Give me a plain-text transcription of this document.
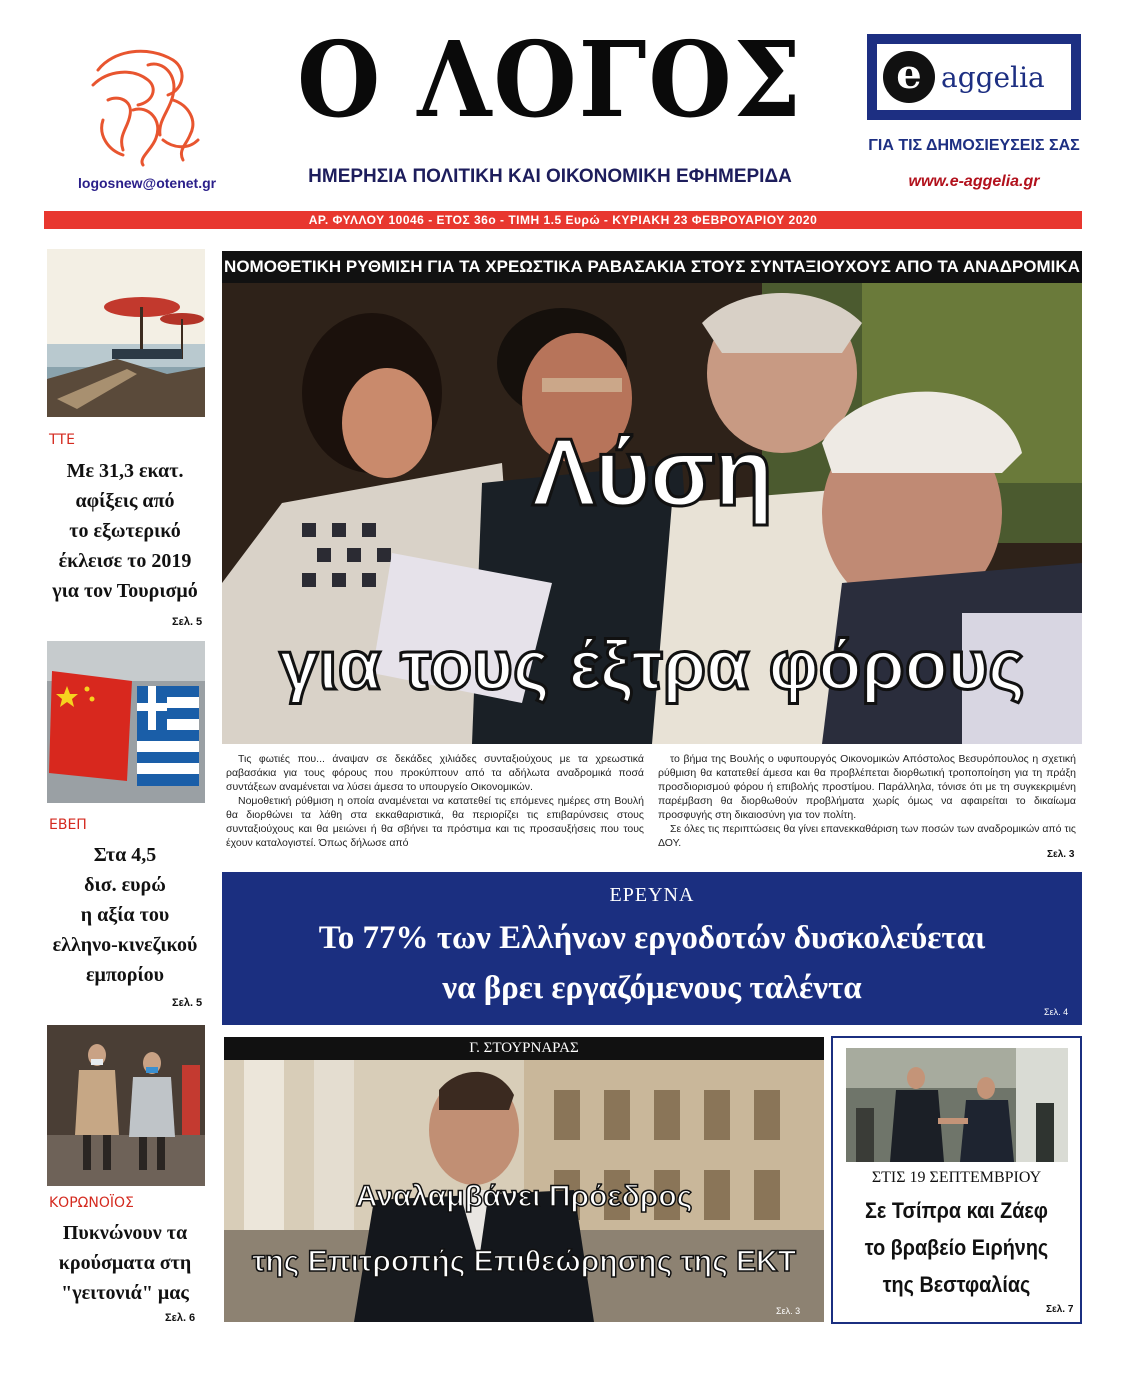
logosnew@otenet.gr
Ο ΛΟΓΟΣ
ΗΜΕΡΗΣΙΑ ΠΟΛΙΤΙΚΗ ΚΑΙ ΟΙΚΟΝΟΜΙΚΗ ΕΦΗΜΕΡΙΔΑ
e aggelia
ΓΙΑ ΤΙΣ ΔΗΜΟΣΙΕΥΣΕΙΣ ΣΑΣ
www.e-aggelia.gr
ΑΡ. ΦΥΛΛΟΥ 10046 - ΕΤΟΣ 36ο - ΤΙΜΗ 1.5 Ευρώ - ΚΥΡΙΑΚΗ 23 ΦΕΒΡΟΥΑΡΙΟΥ 2020
ΤΤΕ
Με 31,3 εκατ.
αφίξεις από
το εξωτερικό
έκλεισε το 2019
για τον Τουρισμό
Σελ. 5
ΕΒΕΠ
Στα 4,5
δισ. ευρώ
η αξία του
ελληνο-κινεζικού
εμπορίου
Σελ. 5
ΚΟΡΩΝΟΪΟΣ
Πυκνώνουν τα
κρούσματα στη
"γειτονιά" μας
Σελ. 6
ΝΟΜΟΘΕΤΙΚΗ ΡΥΘΜΙΣΗ ΓΙΑ ΤΑ ΧΡΕΩΣΤΙΚΑ ΡΑΒΑΣΑΚΙΑ ΣΤΟΥΣ ΣΥΝΤΑΞΙΟΥΧΟΥΣ ΑΠΟ ΤΑ ΑΝΑΔΡΟΜΙΚΑ
Λύση
για τους έξτρα φόρους

Τις φωτιές που... άναψαν σε δεκάδες χιλιάδες συνταξιούχους με τα χρεωστικά ραβασάκια για τους φόρους που προκύπτουν από τα αδήλωτα αναδρομικά ποσά συντάξεων αναμένεται να λύσει άμεσα το υπουργείο Οικονομικών.

Νομοθετική ρύθμιση η οποία αναμένεται να κατατεθεί τις επόμενες ημέρες στη Βουλή θα διορθώνει τα λάθη στα εκκαθαριστικά, θα περιορίζει τις επιβαρύνσεις στους συνταξιούχους και θα μειώνει ή θα σβήνει τα πρόστιμα και τις προσαυξήσεις που τους έχουν καταλογιστεί. Όπως δήλωσε από

το βήμα της Βουλής ο υφυπουργός Οικονομικών Απόστολος Βεσυρόπουλος η σχετική ρύθμιση θα κατατεθεί άμεσα και θα προβλέπεται διορθωτική τροποποίηση για τη πράξη προσδιορισμού φόρου ή επιβολής προστίμου. Παράλληλα, τόνισε ότι με τη συγκεκριμένη παρέμβαση θα διορθωθούν προβλήματα χωρίς όμως να αφαιρείται το δικαίωμα προσφυγής στη δικαιοσύνη για τον πολίτη.

Σε όλες τις περιπτώσεις θα γίνει επανεκκαθάριση των ποσών των αναδρομικών από τις ΔΟΥ.

Σελ. 3
ΕΡΕΥΝΑ
Το 77% των Ελλήνων εργοδοτών δυσκολεύεται
να βρει εργαζόμενους ταλέντα
Σελ. 4
Γ. ΣΤΟΥΡΝΑΡΑΣ
Αναλαμβάνει Πρόεδρος
της Επιτροπής Επιθεώρησης της ΕΚΤ
Σελ. 3
ΣΤΙΣ 19 ΣΕΠΤΕΜΒΡΙΟΥ
Σε Τσίπρα και Ζάεφ
το βραβείο Ειρήνης
της Βεστφαλίας
Σελ. 7
